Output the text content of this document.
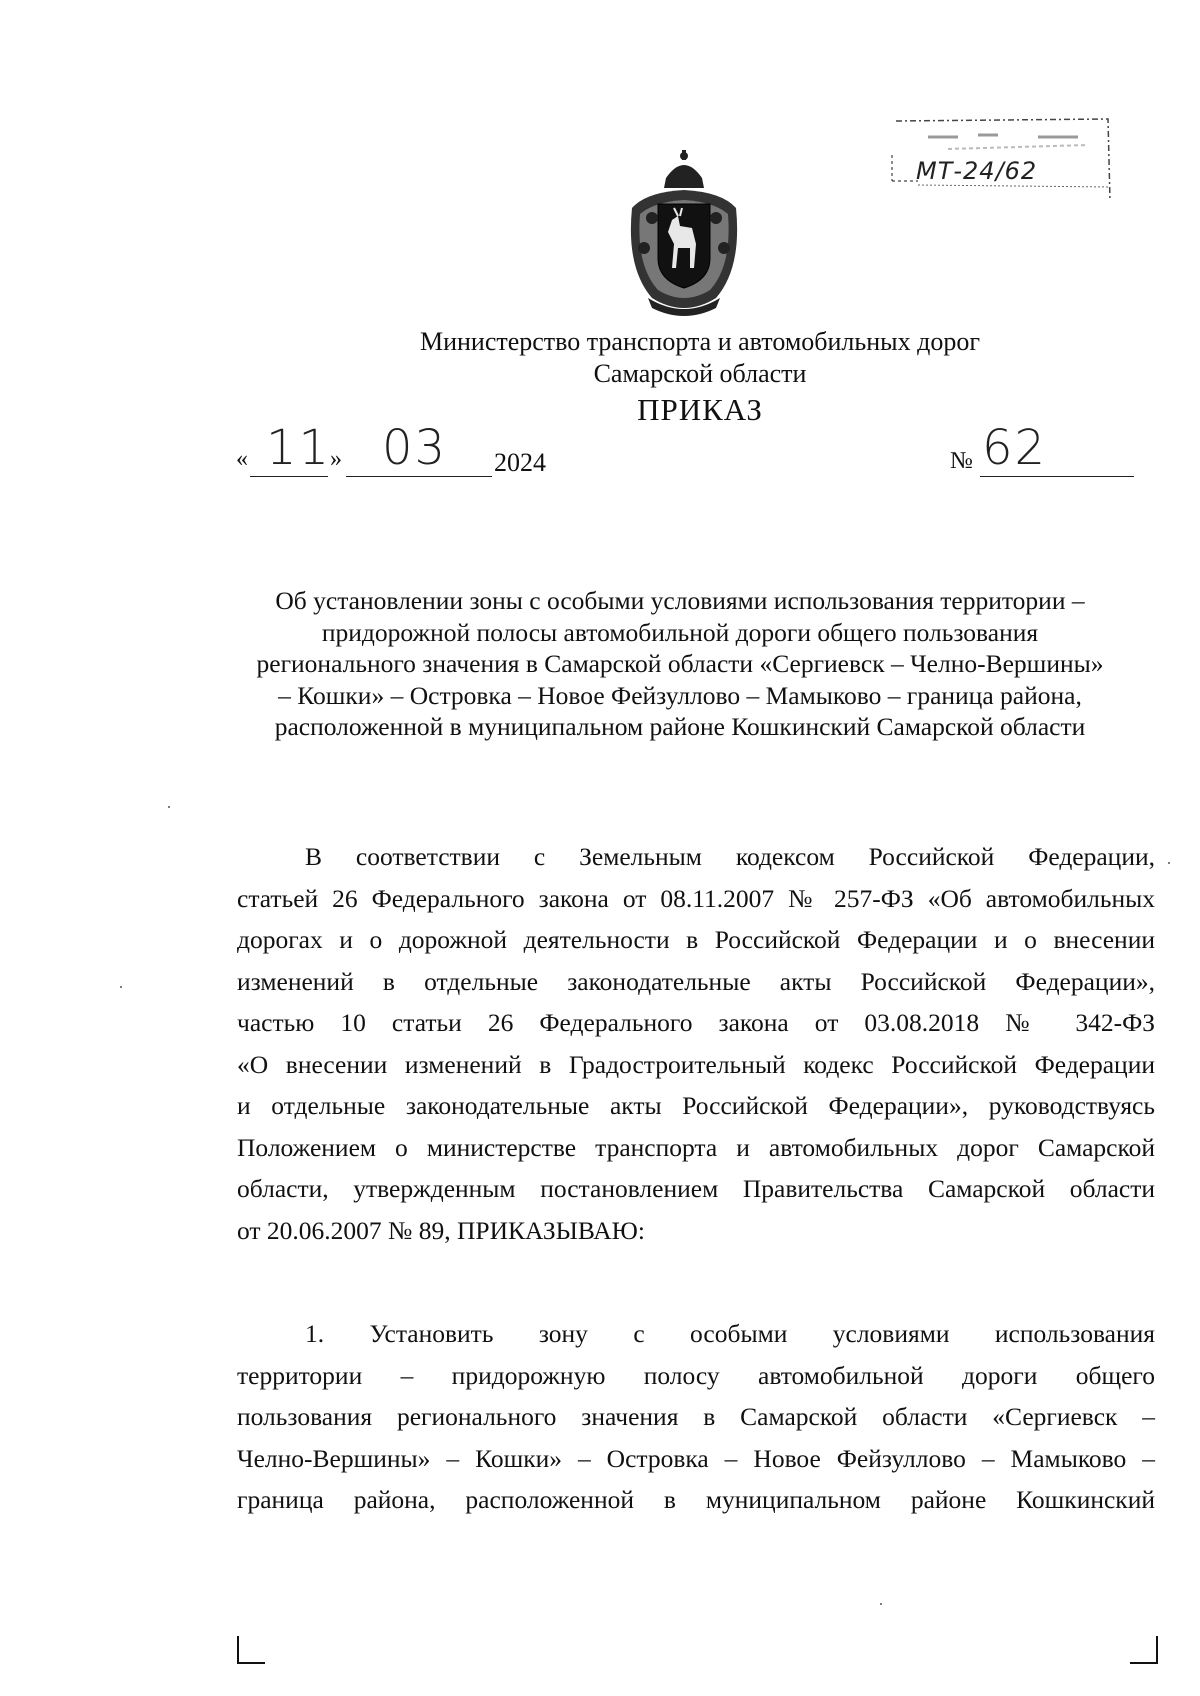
МТ-24/62
Министерство транспорта и автомобильных дорог
Самарской области
ПРИКАЗ
« 11
» 03 2024	№ 62
Об установлении зоны с особыми условиями использования территории –
придорожной полосы автомобильной дороги общего пользования
регионального значения в Самарской области «Сергиевск – Челно-Вершины»
– Кошки» – Островка – Новое Фейзуллово – Мамыково – граница района,
расположенной в муниципальном районе Кошкинский Самарской области
В соответствии с Земельным кодексом Российской Федерации,
статьей 26 Федерального закона от 08.11.2007 № 257-ФЗ «Об автомобильных
дорогах и о дорожной деятельности в Российской Федерации и о внесении
изменений в отдельные законодательные акты Российской Федерации»,
частью 10 статьи 26 Федерального закона от 03.08.2018 № 342-ФЗ
«О внесении изменений в Градостроительный кодекс Российской Федерации
и отдельные законодательные акты Российской Федерации», руководствуясь
Положением о министерстве транспорта и автомобильных дорог Самарской
области, утвержденным постановлением Правительства Самарской области
от 20.06.2007 № 89, ПРИКАЗЫВАЮ:
1. Установить зону с особыми условиями использования
территории – придорожную полосу автомобильной дороги общего
пользования регионального значения в Самарской области «Сергиевск –
Челно-Вершины» – Кошки» – Островка – Новое Фейзуллово – Мамыково –
граница района, расположенной в муниципальном районе Кошкинский
